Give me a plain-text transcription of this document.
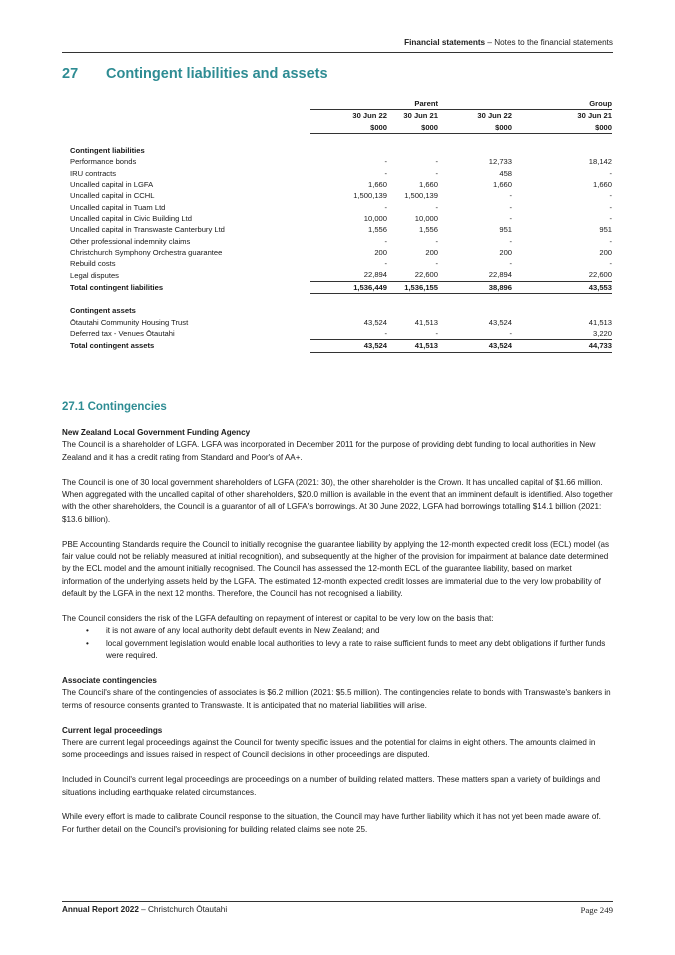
Financial statements – Notes to the financial statements
27 Contingent liabilities and assets
	Parent		Group		
	30 Jun 22	30 Jun 21	30 Jun 22		30 Jun 21
	$000	$000	$000		$000

Contingent liabilities					
Performance bonds	-	-	12,733		18,142
IRU contracts	-	-	458		-
Uncalled capital in LGFA	1,660	1,660	1,660		1,660
Uncalled capital in CCHL	1,500,139	1,500,139	-		-
Uncalled capital in Tuam Ltd	-	-	-		-
Uncalled capital in Civic Building Ltd	10,000	10,000	-		-
Uncalled capital in Transwaste Canterbury Ltd	1,556	1,556	951		951
Other professional indemnity claims	-	-	-		-
Christchurch Symphony Orchestra guarantee	200	200	200		200
Rebuild costs	-	-	-		-
Legal disputes	22,894	22,600	22,894		22,600
Total contingent liabilities	1,536,449	1,536,155	38,896		43,553

Contingent assets					
Ōtautahi Community Housing Trust	43,524	41,513	43,524		41,513
Deferred tax - Venues Ōtautahi	-	-	-		3,220
Total contingent assets	43,524	41,513	43,524		44,733
27.1 Contingencies

New Zealand Local Government Funding Agency

The Council is a shareholder of LGFA. LGFA was incorporated in December 2011 for the purpose of providing debt funding to local authorities in New Zealand and it has a credit rating from Standard and Poor's of AA+.

The Council is one of 30 local government shareholders of LGFA (2021: 30), the other shareholder is the Crown. It has uncalled capital of $1.66 million. When aggregated with the uncalled capital of other shareholders, $20.0 million is available in the event that an imminent default is identified. Also together with the other shareholders, the Council is a guarantor of all of LGFA's borrowings. At 30 June 2022, LGFA had borrowings totalling $14.1 billion (2021: $13.6 billion).

PBE Accounting Standards require the Council to initially recognise the guarantee liability by applying the 12-month expected credit loss (ECL) model (as fair value could not be reliably measured at initial recognition), and subsequently at the higher of the provision for impairment at balance date determined by the ECL model and the amount initially recognised. The Council has assessed the 12-month ECL of the guarantee liability, based on market information of the underlying assets held by the LGFA. The estimated 12-month expected credit losses are immaterial due to the very low probability of default by the LGFA in the next 12 months. Therefore, the Council has not recognised a liability.

The Council considers the risk of the LGFA defaulting on repayment of interest or capital to be very low on the basis that:

• it is not aware of any local authority debt default events in New Zealand; and
• local government legislation would enable local authorities to levy a rate to raise sufficient funds to meet any debt obligations if further funds were required.

Associate contingencies

The Council's share of the contingencies of associates is $6.2 million (2021: $5.5 million). The contingencies relate to bonds with Transwaste's bankers in terms of resource consents granted to Transwaste. It is anticipated that no material liabilities will arise.

Current legal proceedings

There are current legal proceedings against the Council for twenty specific issues and the potential for claims in eight others. The amounts claimed in some proceedings and issues raised in respect of Council decisions in other proceedings are disputed.

Included in Council's current legal proceedings are proceedings on a number of building related matters. These matters span a variety of buildings and situations including earthquake related circumstances.

While every effort is made to calibrate Council response to the situation, the Council may have further liability which it has not yet been made aware of. For further detail on the Council's provisioning for building related claims see note 25.

Annual Report 2022 – Christchurch Ōtautahi	Page 249
